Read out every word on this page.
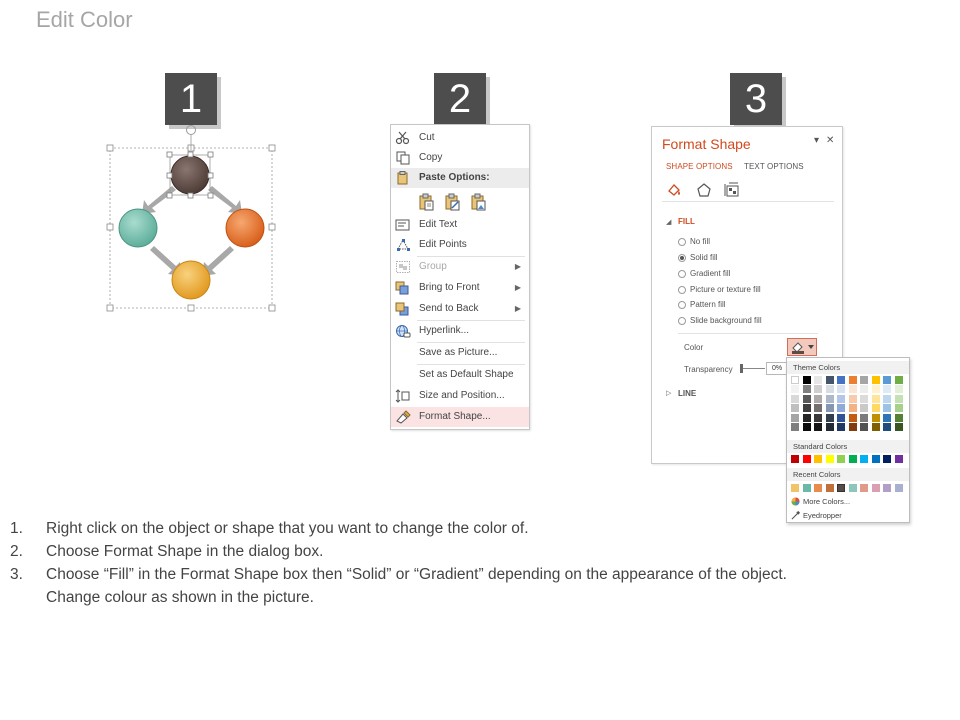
Edit Color
1	2	3
Cut
Copy
Paste Options:
Edit Text
Edit Points
Group	▶
Bring to Front	▶
Send to Back	▶
Hyperlink...
Save as Picture...
Set as Default Shape
Size and Position...
Format Shape...
Format Shape	▾ ✕
SHAPE OPTIONS TEXT OPTIONS
◢ FILL
No fill
Solid fill
Gradient fill
Picture or texture fill
Pattern fill
Slide background fill
Color
Transparency
▷ LINE
0%	Theme Colors
Standard Colors
Recent Colors
More Colors...
Eyedropper
1. Right click on the object or shape that you want to change the color of.
2. Choose Format Shape in the dialog box.
3. Choose “Fill” in the Format Shape box then “Solid” or “Gradient” depending on the appearance of the object.
Change colour as shown in the picture.
